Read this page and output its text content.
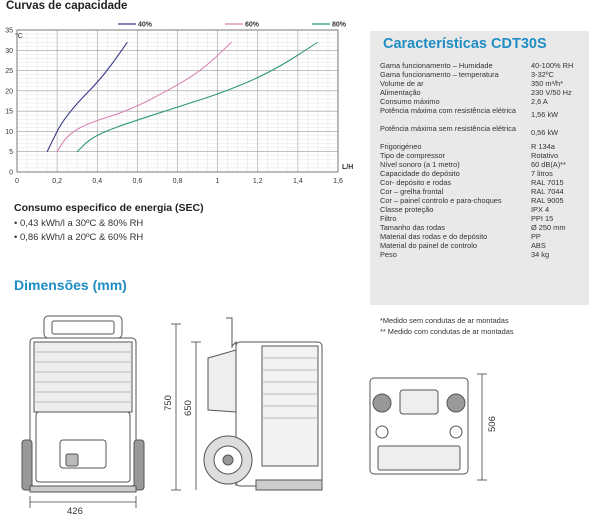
Curvas de capacidade
0	0,2	0,4	0,6	0,8	1	1,2	1,4	1,6
0
5
10
15
20
25
30
35
°C
L/H
40%	60%	80%
Consumo especifico de energia (SEC)
• 0,43 kWh/l a 30ºC & 80% RH
• 0,86 kWh/l a 20ºC & 60% RH
Dimensões (mm)
Características CDT30S
Gama funcionamento – Humidade	40-100% RH
Gama funcionamento – temperatura	3-32ºC
Volume de ar	350 m³/h*
Alimentação	230 V/50 Hz
Consumo máximo	2,6 A
Potência máxima com resistência elétrica	1,56 kW
Potência máxima sem resistência elétrica	0,56 kW
Frigorigéneo	R 134a
Tipo de compressor	Rotativo
Nível sonoro (a 1 metro)	60 dB(A)**
Capacidade do depósito	7 litros
Cor- depósito e rodas	RAL 7015
Cor – grelha frontal	RAL 7044
Cor – painel controlo e para-choques	RAL 9005
Classe proteção	IPX 4
Filtro	PPI 15
Tamanho das rodas	Ø 250 mm
Material das rodas e do depósito	PP
Material do painel de controlo	ABS
Peso	34 kg
*Medido sem condutas de ar montadas
** Medido com condutas de ar montadas
426
750 650
506
